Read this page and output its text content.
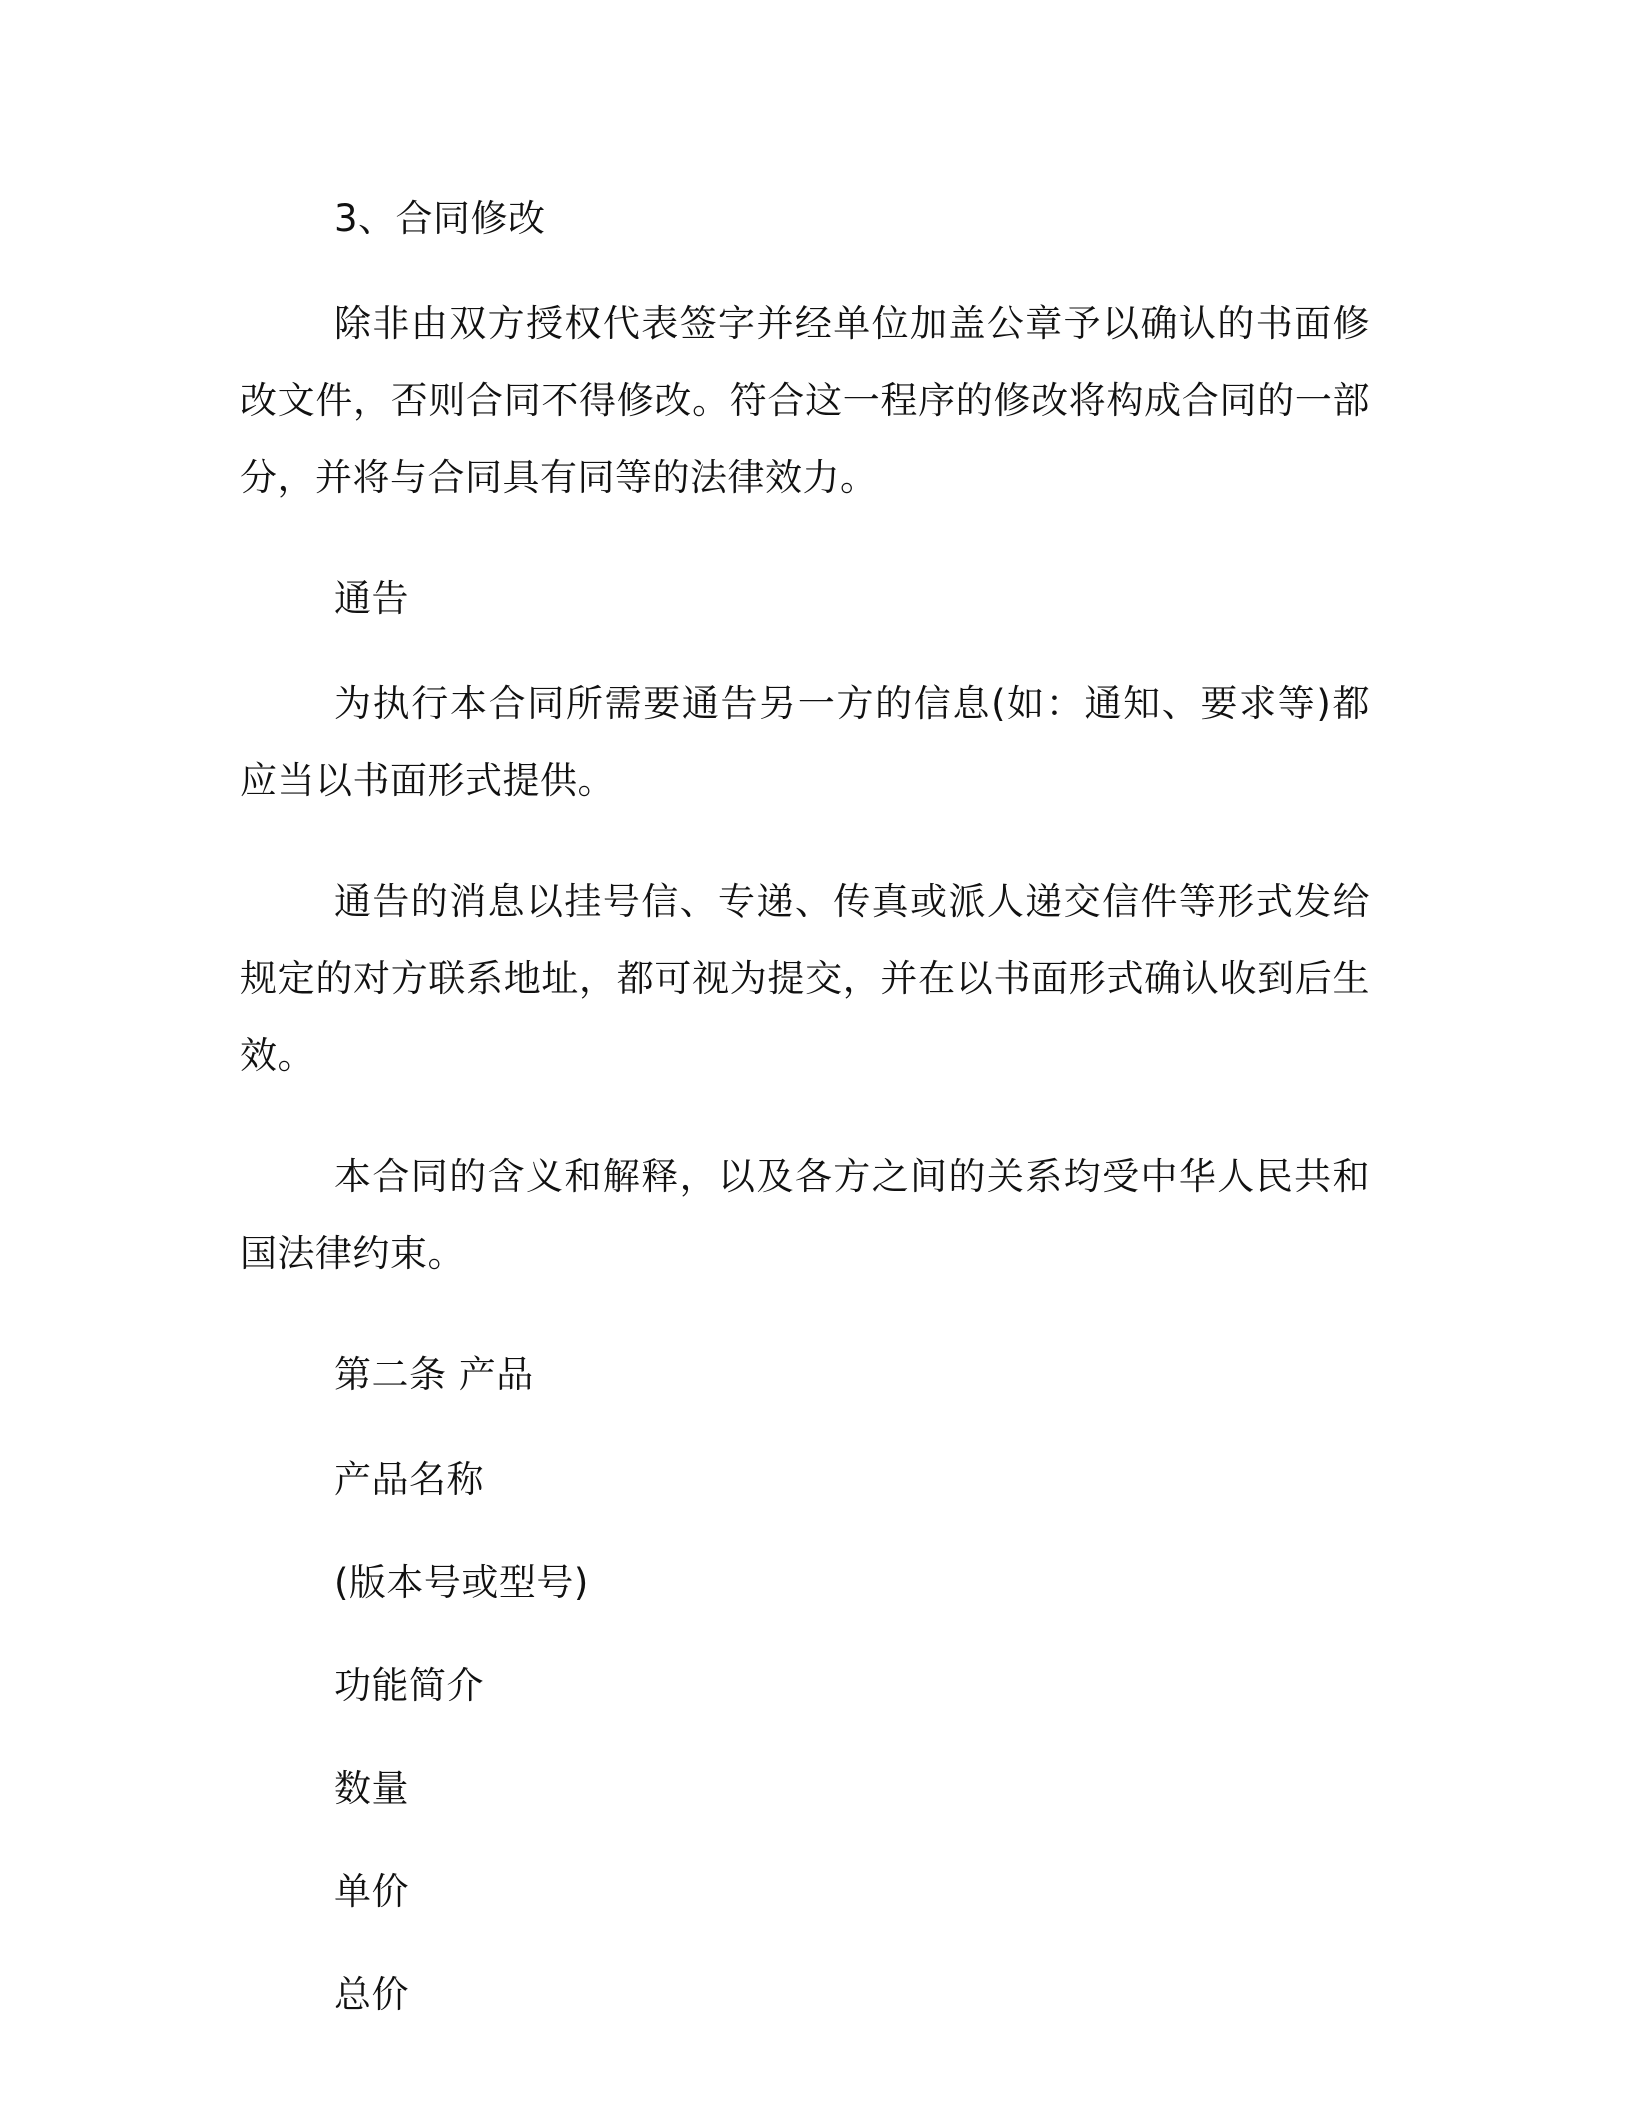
3、合同修改

除非由双方授权代表签字并经单位加盖公章予以确认的书面修改文件，否则合同不得修改。符合这一程序的修改将构成合同的一部分，并将与合同具有同等的法律效力。

通告

为执行本合同所需要通告另一方的信息(如：通知、要求等)都应当以书面形式提供。

通告的消息以挂号信、专递、传真或派人递交信件等形式发给规定的对方联系地址，都可视为提交，并在以书面形式确认收到后生效。

本合同的含义和解释，以及各方之间的关系均受中华人民共和国法律约束。

第二条 产品

产品名称

(版本号或型号)

功能简介

数量

单价

总价
